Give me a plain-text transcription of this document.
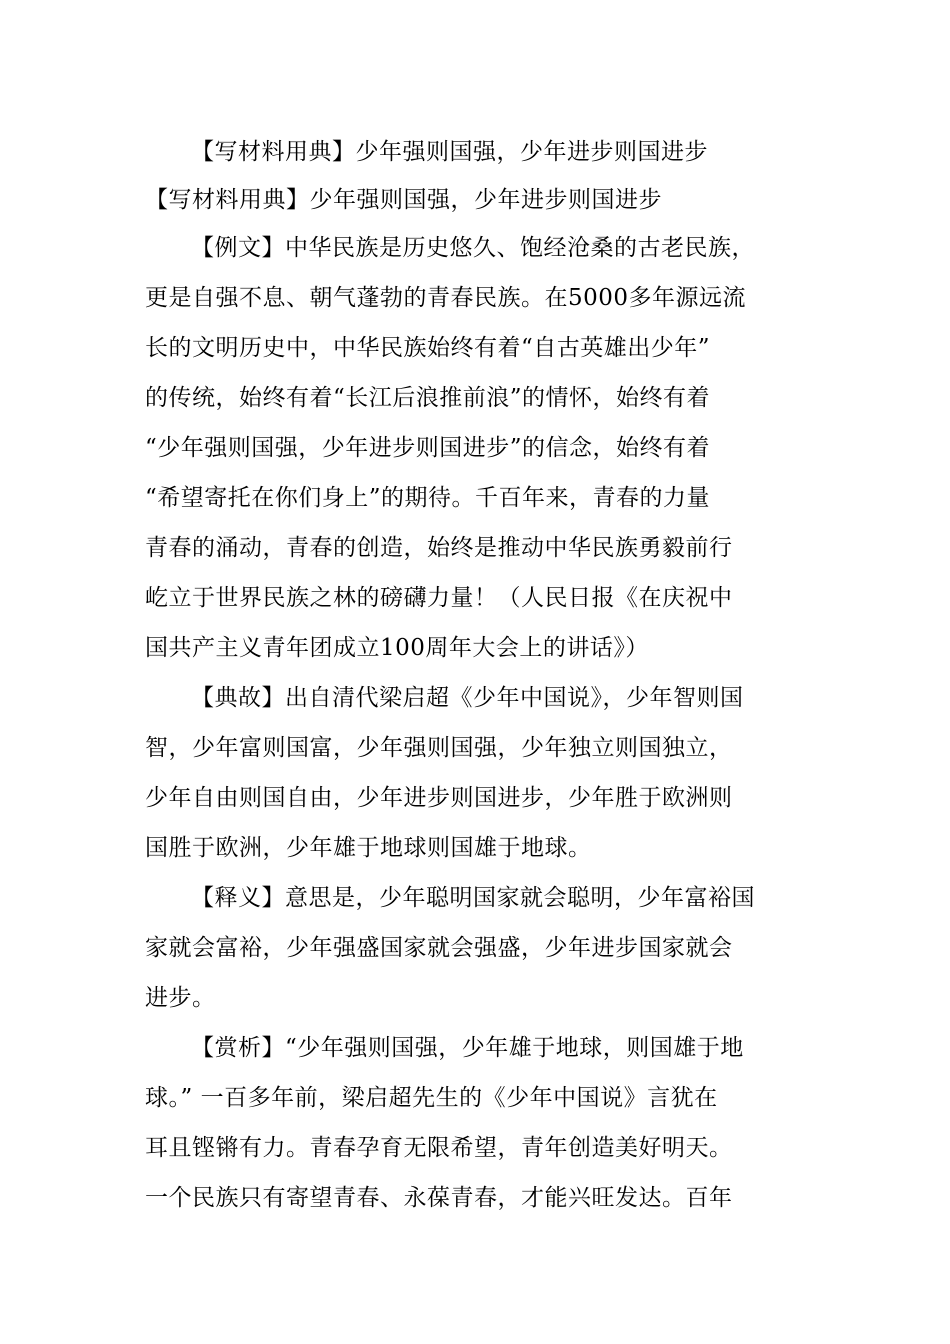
【写材料用典】少年强则国强，少年进步则国进步
【写材料用典】少年强则国强，少年进步则国进步
【例文】中华民族是历史悠久、饱经沧桑的古老民族，
更是自强不息、朝气蓬勃的青春民族。在5000多年源远流
长的文明历史中，中华民族始终有着“自古英雄出少年”
的传统，始终有着“长江后浪推前浪”的情怀，始终有着
“少年强则国强，少年进步则国进步”的信念，始终有着
“希望寄托在你们身上”的期待。千百年来，青春的力量
青春的涌动，青春的创造，始终是推动中华民族勇毅前行
屹立于世界民族之林的磅礴力量！（人民日报《在庆祝中
国共产主义青年团成立100周年大会上的讲话》）
【典故】出自清代梁启超《少年中国说》，少年智则国
智，少年富则国富，少年强则国强，少年独立则国独立，
少年自由则国自由，少年进步则国进步，少年胜于欧洲则
国胜于欧洲，少年雄于地球则国雄于地球。
【释义】意思是，少年聪明国家就会聪明，少年富裕国
家就会富裕，少年强盛国家就会强盛，少年进步国家就会
进步。
【赏析】“少年强则国强，少年雄于地球，则国雄于地
球。” 一百多年前，梁启超先生的《少年中国说》言犹在
耳且铿锵有力。青春孕育无限希望，青年创造美好明天。
一个民族只有寄望青春、永葆青春，才能兴旺发达。百年
